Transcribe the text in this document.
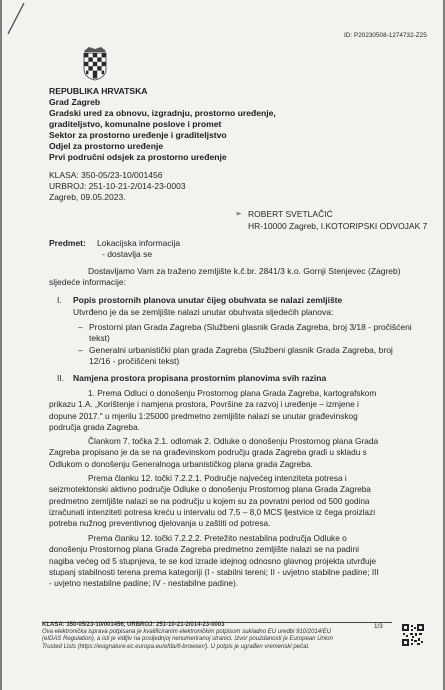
ID: P20230508-1274732-Z25
REPUBLIKA HRVATSKA
Grad Zagreb
Gradski ured za obnovu, izgradnju, prostorno uređenje,
graditeljstvo, komunalne poslove i promet
Sektor za prostorno uređenje i graditeljstvo
Odjel za prostorno uređenje
Prvi područni odsjek za prostorno uređenje
KLASA: 350-05/23-10/001456
URBROJ: 251-10-21-2/014-23-0003
Zagreb, 09.05.2023.
➢ ROBERT SVETLAČIĆ
HR-10000 Zagreb, I.KOTORIPSKI ODVOJAK 7
Predmet: Lokacijska informacija
- dostavlja se
Dostavljamo Vam za traženo zemljište k.č.br. 2841/3 k.o. Gornji Stenjevec (Zagreb)
sljedeće informacije:
I. Popis prostornih planova unutar čijeg obuhvata se nalazi zemljište
Utvrđeno je da se zemljište nalazi unutar obuhvata sljedećih planova:
– Prostorni plan Grada Zagreba (Službeni glasnik Grada Zagreba, broj 3/18 - pročišćeni
tekst)
– Generalni urbanistički plan grada Zagreba (Službeni glasnik Grada Zagreba, broj
12/16 - pročišćeni tekst)
II. Namjena prostora propisana prostornim planovima svih razina
1. Prema Odluci o donošenju Prostornog plana Grada Zagreba, kartografskom
prikazu 1.A. „Korištenje i namjena prostora, Površine za razvoj i uređenje – izmjene i
dopune 2017." u mjerilu 1:25000 predmetno zemljište nalazi se unutar građevinskog
područja grada Zagreba.
Člankom 7. točka 2.1. odlomak 2. Odluke o donošenju Prostornog plana Grada
Zagreba propisano je da se na građevinskom području grada Zagreba gradi u skladu s
Odlukom o donošenju Generalnoga urbanističkog plana grada Zagreba.
Prema članku 12. točki 7.2.2.1. Područje najvećeg intenziteta potresa i
seizmotektonski aktivno područje Odluke o donošenju Prostornog plana Grada Zagreba
predmetno zemljište nalazi se na području u kojem su za povratni period od 500 godina
izračunati intenziteti potresa kreću u intervalu od 7,5 – 8,0 MCS ljestvice iz čega proizlazi
potreba nužnog preventivnog djelovanja u zaštiti od potresa.
Prema članku 12. točki 7.2.2.2. Pretežito nestabilna područja Odluke o
donošenju Prostornog plana Grada Zagreba predmetno zemljište nalazi se na padini
nagiba većeg od 5 stupnjeva, te se kod izrade idejnog odnosno glavnog projekta utvrđuje
stupanj stabilnosti terena prema kategoriji (I - stabilni tereni; II - uvjetno stabilne padine; III
- uvjetno nestabilne padine; IV - nestabilne padine).
KLASA: 350-05/23-10/001456, URBROJ: 251-10-21-2/014-23-0003
Ova elektronička isprava potpisana je kvalificiranim elektroničkim potpisom sukladno EU uredbi 910/2014/EU
(eIDAS Regulation), a isti je vidljiv na posljednjoj nenumeriranoj stranici. Izvor pouzdanosti je European Union
Trusted Lists (https://esignature.ec.europa.eu/efda/tl-browser/). U potpis je ugrađen vremenski pečat.
1/3
